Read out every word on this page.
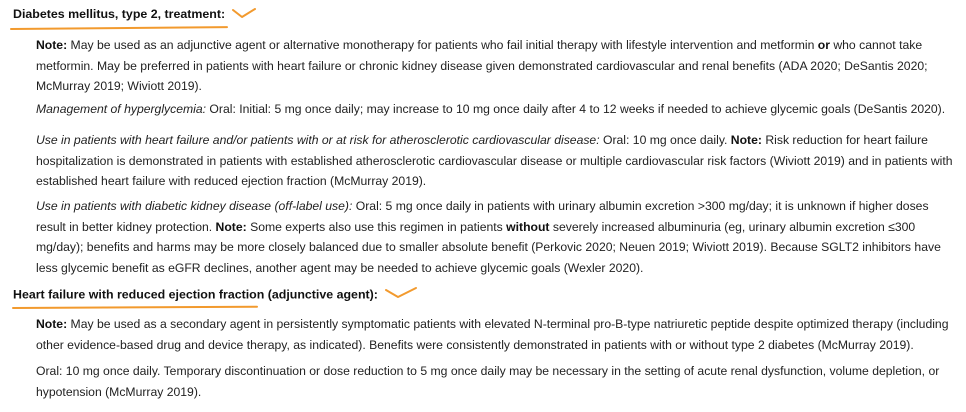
Diabetes mellitus, type 2, treatment:

Note: May be used as an adjunctive agent or alternative monotherapy for patients who fail initial therapy with lifestyle intervention and metformin or who cannot take metformin. May be preferred in patients with heart failure or chronic kidney disease given demonstrated cardiovascular and renal benefits (ADA 2020; DeSantis 2020; McMurray 2019; Wiviott 2019).

Management of hyperglycemia: Oral: Initial: 5 mg once daily; may increase to 10 mg once daily after 4 to 12 weeks if needed to achieve glycemic goals (DeSantis 2020).

Use in patients with heart failure and/or patients with or at risk for atherosclerotic cardiovascular disease: Oral: 10 mg once daily. Note: Risk reduction for heart failure hospitalization is demonstrated in patients with established atherosclerotic cardiovascular disease or multiple cardiovascular risk factors (Wiviott 2019) and in patients with established heart failure with reduced ejection fraction (McMurray 2019).

Use in patients with diabetic kidney disease (off-label use): Oral: 5 mg once daily in patients with urinary albumin excretion >300 mg/day; it is unknown if higher doses result in better kidney protection. Note: Some experts also use this regimen in patients without severely increased albuminuria (eg, urinary albumin excretion ≤300 mg/day); benefits and harms may be more closely balanced due to smaller absolute benefit (Perkovic 2020; Neuen 2019; Wiviott 2019). Because SGLT2 inhibitors have less glycemic benefit as eGFR declines, another agent may be needed to achieve glycemic goals (Wexler 2020).

Heart failure with reduced ejection fraction (adjunctive agent):

Note: May be used as a secondary agent in persistently symptomatic patients with elevated N-terminal pro-B-type natriuretic peptide despite optimized therapy (including other evidence-based drug and device therapy, as indicated). Benefits were consistently demonstrated in patients with or without type 2 diabetes (McMurray 2019).

Oral: 10 mg once daily. Temporary discontinuation or dose reduction to 5 mg once daily may be necessary in the setting of acute renal dysfunction, volume depletion, or hypotension (McMurray 2019).
